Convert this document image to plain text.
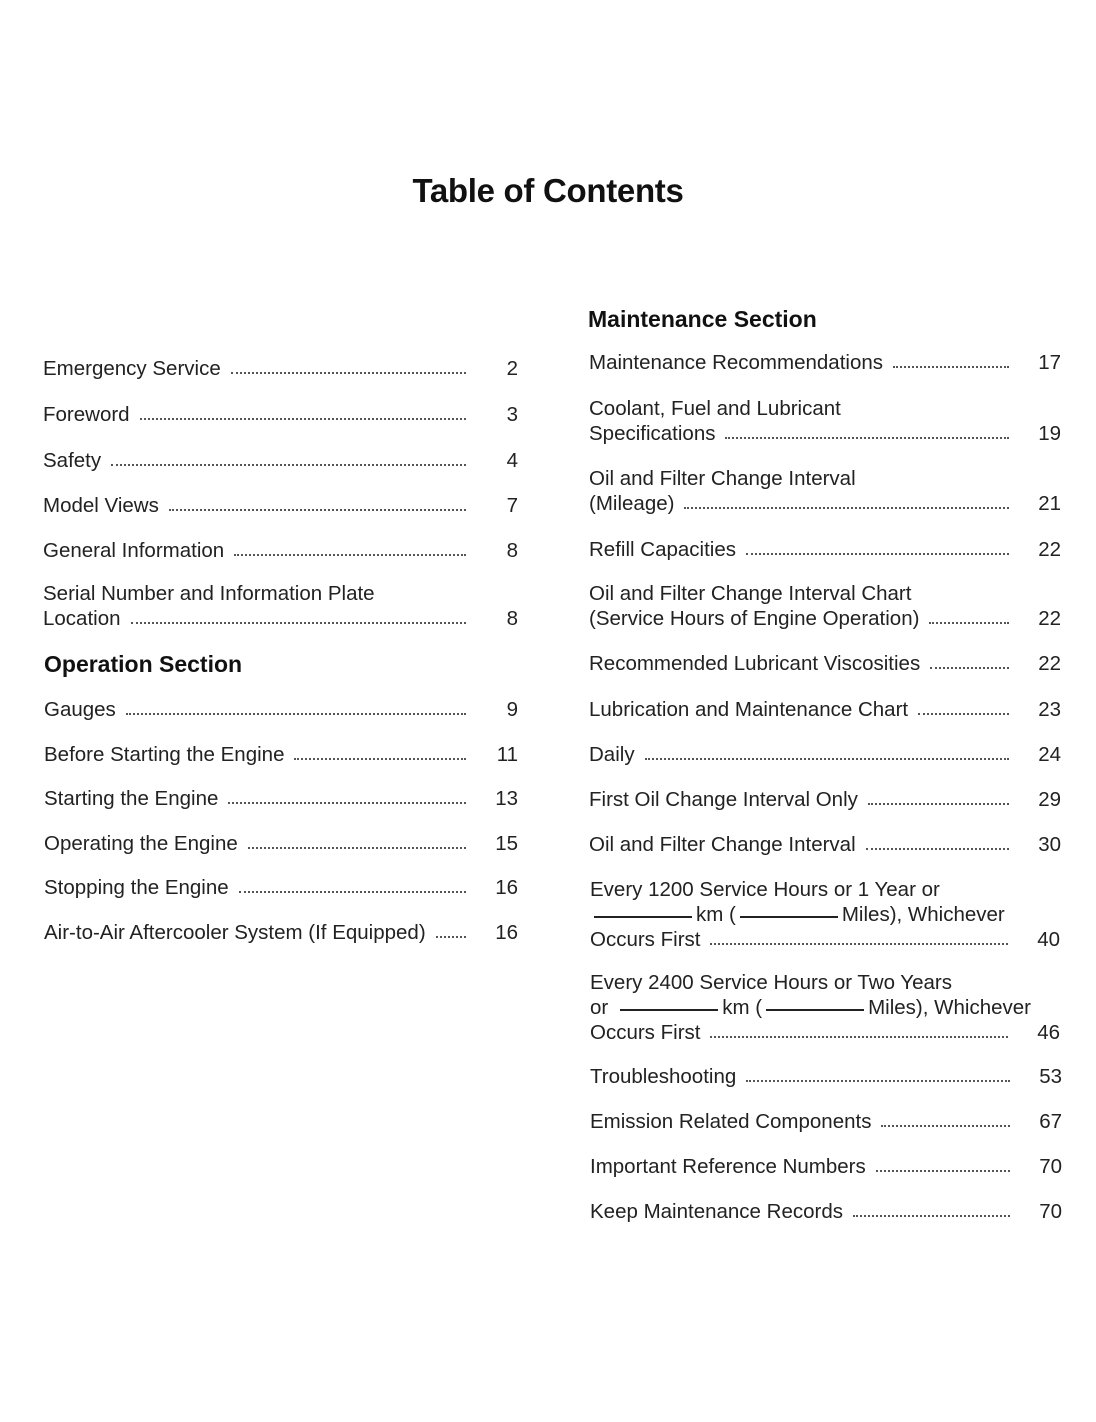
Table of Contents
Emergency Service	2
Foreword	3
Safety	4
Model Views	7
General Information	8
Serial Number and Information Plate
Location	8
Operation Section
Gauges	9
Before Starting the Engine	11
Starting the Engine	13
Operating the Engine	15
Stopping the Engine	16
Air-to-Air Aftercooler System (If Equipped)	16
Maintenance Section
Maintenance Recommendations	17
Coolant, Fuel and Lubricant
Specifications	19
Oil and Filter Change Interval
(Mileage)	21
Refill Capacities	22
Oil and Filter Change Interval Chart
(Service Hours of Engine Operation)	22
Recommended Lubricant Viscosities	22
Lubrication and Maintenance Chart	23
Daily	24
First Oil Change Interval Only	29
Oil and Filter Change Interval	30
Every 1200 Service Hours or 1 Year or
km (	Miles), Whichever
Occurs First	40
Every 2400 Service Hours or Two Years
or	km (	Miles), Whichever
Occurs First	46
Troubleshooting	53
Emission Related Components	67
Important Reference Numbers	70
Keep Maintenance Records	70
